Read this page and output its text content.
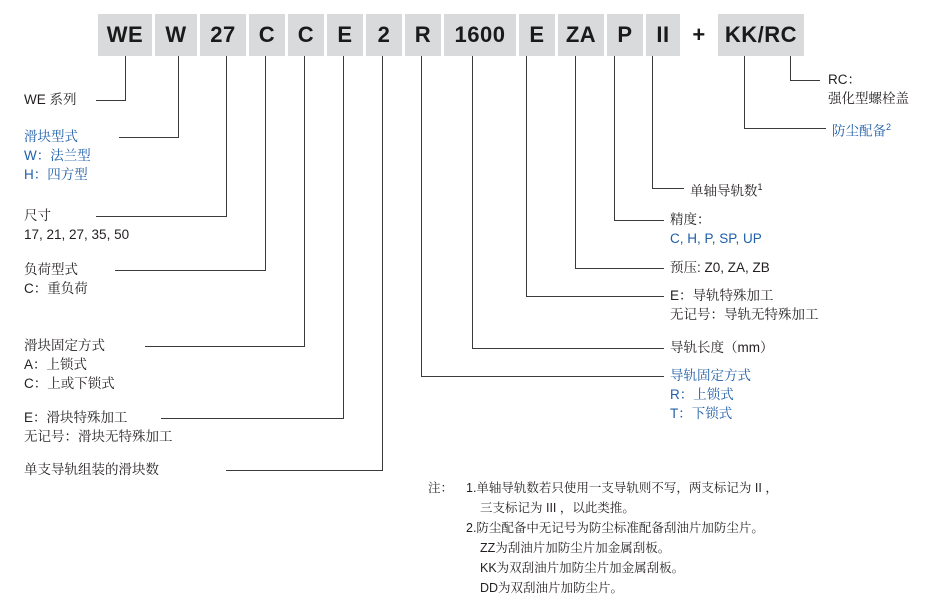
WE	W	27	C	C	E	2	R	1600	E ZA P	II	+ KK/RC
WE 系列
滑块型式
W：法兰型
H：四方型
尺寸
17, 21, 27, 35, 50
负荷型式
C：重负荷
滑块固定方式
A：上锁式
C：上或下锁式
E：滑块特殊加工
无记号：滑块无特殊加工
单支导轨组装的滑块数
RC：
强化型螺栓盖
防尘配备$^2$
单轴导轨数$^1$
精度：
C, H, P, SP, UP
预压: Z0, ZA, ZB
E：导轨特殊加工
无记号：导轨无特殊加工
导轨长度（mm）
导轨固定方式
R：上锁式
T：下锁式
注： 1.单轴导轨数若只使用一支导轨则不写，两支标记为 II ，
三支标记为 III ，以此类推。
2.防尘配备中无记号为防尘标准配备刮油片加防尘片。
ZZ为刮油片加防尘片加金属刮板。
KK为双刮油片加防尘片加金属刮板。
DD为双刮油片加防尘片。
